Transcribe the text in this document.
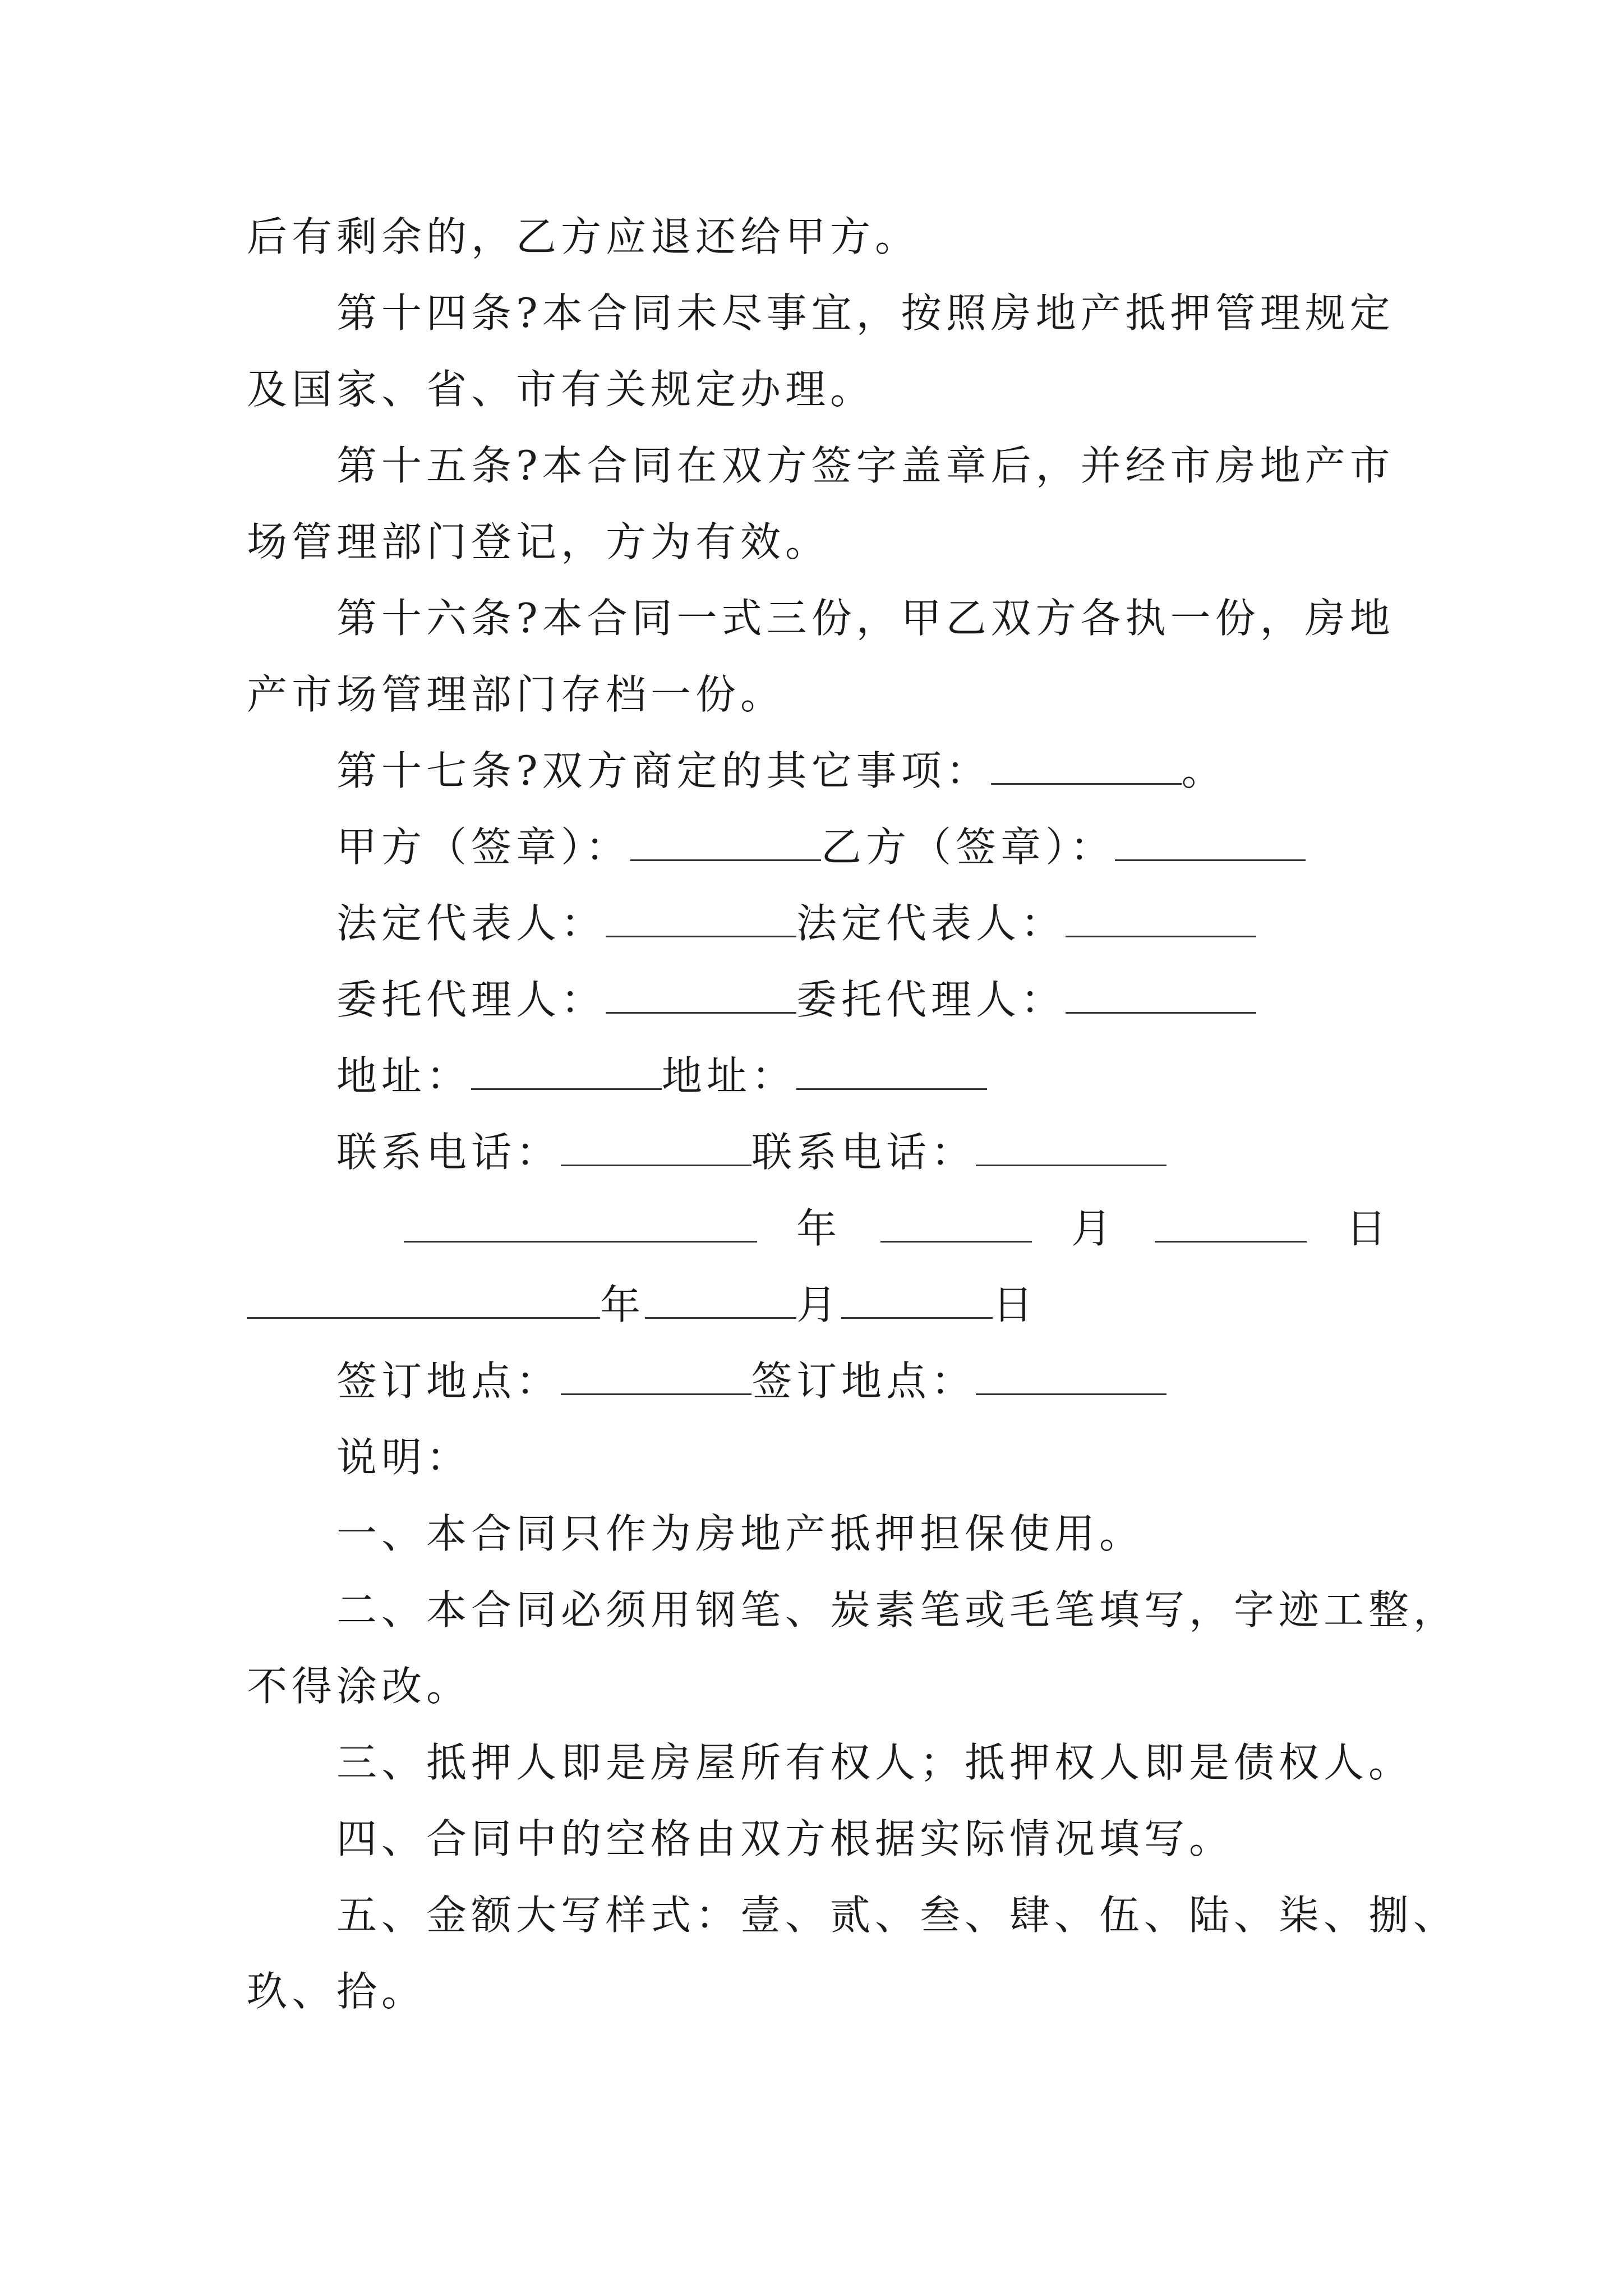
后有剩余的，乙方应退还给甲方。
第十四条?本合同未尽事宜，按照房地产抵押管理规定
及国家、省、市有关规定办理。
第十五条?本合同在双方签字盖章后，并经市房地产市
场管理部门登记，方为有效。
第十六条?本合同一式三份，甲乙双方各执一份，房地
产市场管理部门存档一份。
第十七条?双方商定的其它事项：	。
甲方（签章）：	乙方（签章）：
法定代表人：	法定代表人：
委托代理人：	委托代理人：
地址：	地址：
联系电话：	联系电话：
年	月	日
年	月	日
签订地点：	签订地点：
说明：
一、本合同只作为房地产抵押担保使用。
二、本合同必须用钢笔、炭素笔或毛笔填写，字迹工整，
不得涂改。
三、抵押人即是房屋所有权人；抵押权人即是债权人。
四、合同中的空格由双方根据实际情况填写。
五、金额大写样式：壹、贰、叁、肆、伍、陆、柒、捌、
玖、拾。
